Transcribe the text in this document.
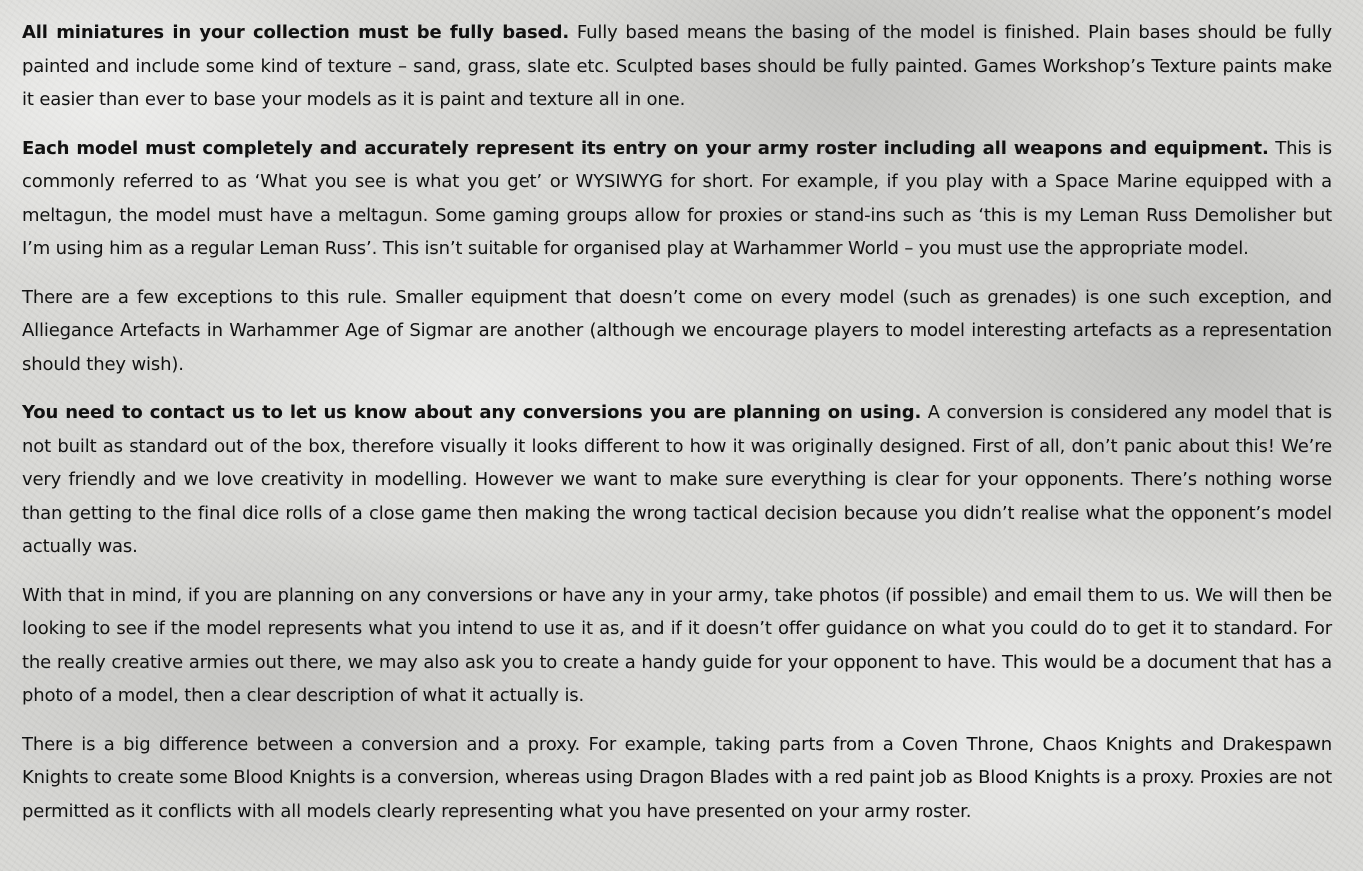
All miniatures in your collection must be fully based. Fully based means the basing of the model is finished. Plain bases should be fully painted and include some kind of texture – sand, grass, slate etc. Sculpted bases should be fully painted. Games Workshop’s Texture paints make it easier than ever to base your models as it is paint and texture all in one.

Each model must completely and accurately represent its entry on your army roster including all weapons and equipment. This is commonly referred to as ‘What you see is what you get’ or WYSIWYG for short. For example, if you play with a Space Marine equipped with a meltagun, the model must have a meltagun. Some gaming groups allow for proxies or stand-ins such as ‘this is my Leman Russ Demolisher but I’m using him as a regular Leman Russ’. This isn’t suitable for organised play at Warhammer World – you must use the appropriate model.

There are a few exceptions to this rule. Smaller equipment that doesn’t come on every model (such as grenades) is one such exception, and Alliegance Artefacts in Warhammer Age of Sigmar are another (although we encourage players to model interesting artefacts as a representation should they wish).

You need to contact us to let us know about any conversions you are planning on using. A conversion is considered any model that is not built as standard out of the box, therefore visually it looks different to how it was originally designed. First of all, don’t panic about this! We’re very friendly and we love creativity in modelling. However we want to make sure everything is clear for your opponents. There’s nothing worse than getting to the final dice rolls of a close game then making the wrong tactical decision because you didn’t realise what the opponent’s model actually was.

With that in mind, if you are planning on any conversions or have any in your army, take photos (if possible) and email them to us. We will then be looking to see if the model represents what you intend to use it as, and if it doesn’t offer guidance on what you could do to get it to standard. For the really creative armies out there, we may also ask you to create a handy guide for your opponent to have. This would be a document that has a photo of a model, then a clear description of what it actually is.

There is a big difference between a conversion and a proxy. For example, taking parts from a Coven Throne, Chaos Knights and Drakespawn Knights to create some Blood Knights is a conversion, whereas using Dragon Blades with a red paint job as Blood Knights is a proxy. Proxies are not permitted as it conflicts with all models clearly representing what you have presented on your army roster.
